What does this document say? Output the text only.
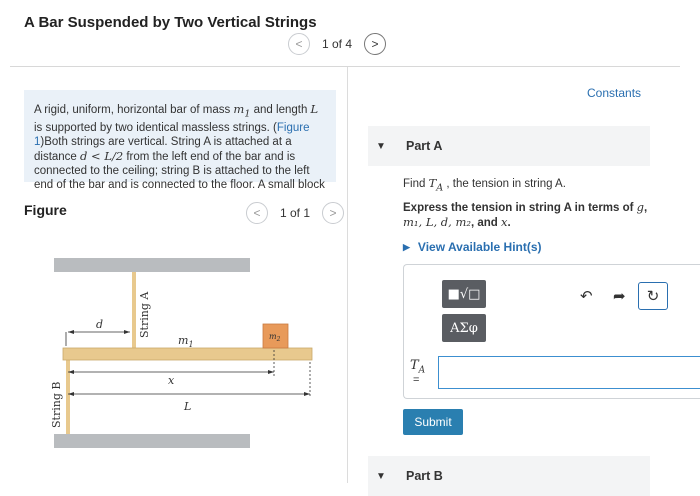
A Bar Suspended by Two Vertical Strings
<	1 of 4	>
A rigid, uniform, horizontal bar of mass $m_1$ and length L
is supported by two identical massless strings. (Figure
1)Both strings are vertical. String A is attached at a
distance d < L/2 from the left end of the bar and is
connected to the ceiling; string B is attached to the left
end of the bar and is connected to the floor. A small block
Figure	<	1 of 1	>
String A
String B
$m_2$
$m_1$
d
x
L
Constants
▼	Part A
Find $T_A$ , the tension in string A.
Express the tension in string A in terms of g,
m₁, L, d, m₂, and x.
▶ View Available Hint(s)
■√□
ΑΣφ
↶ ➦ ↻
$T_A$
=
Submit
▼	Part B
